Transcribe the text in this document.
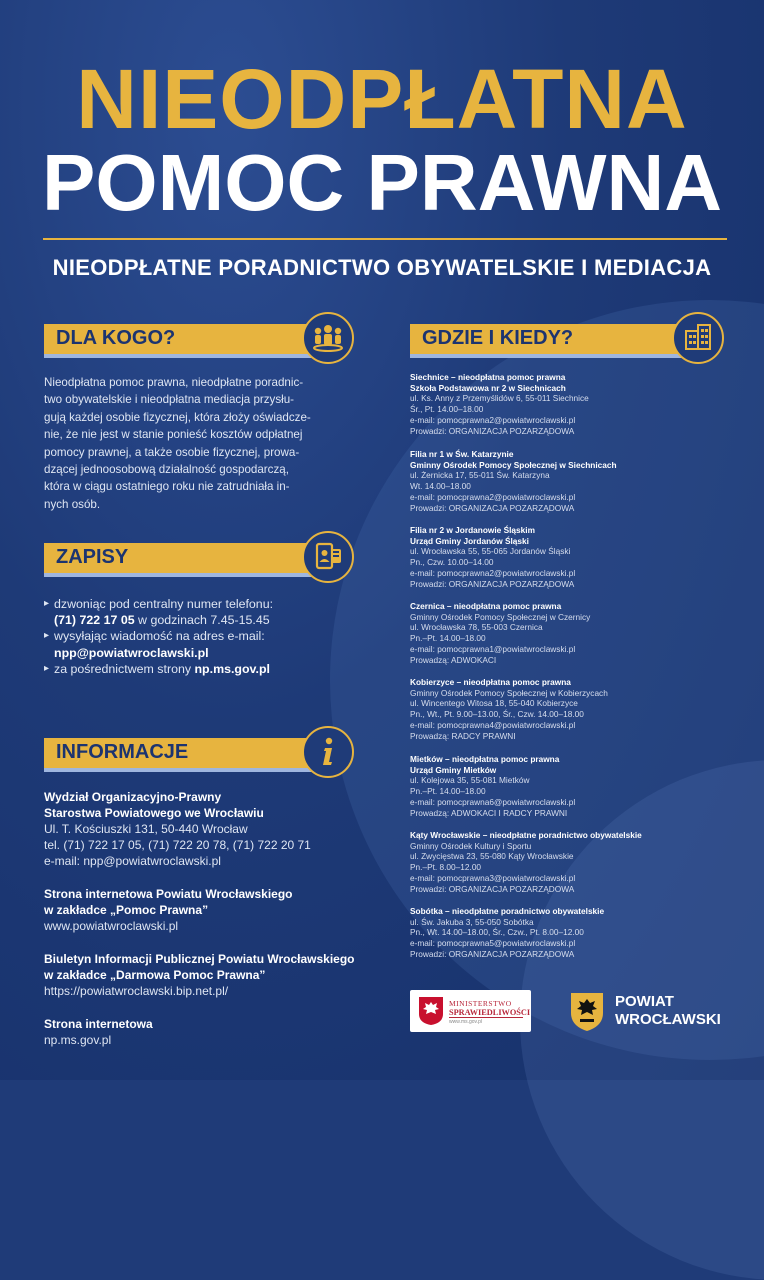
NIEODPŁATNA
POMOC PRAWNA
NIEODPŁATNE PORADNICTWO OBYWATELSKIE I MEDIACJA
DLA KOGO?
Nieodpłatna pomoc prawna, nieodpłatne poradnic-
two obywatelskie i nieodpłatna mediacja przysłu-
gują każdej osobie fizycznej, która złoży oświadcze-
nie, że nie jest w stanie ponieść kosztów odpłatnej
pomocy prawnej, a także osobie fizycznej, prowa-
dzącej jednoosobową działalność gospodarczą,
która w ciągu ostatniego roku nie zatrudniała in-
nych osób.
ZAPISY
▸ dzwoniąc pod centralny numer telefonu:
(71) 722 17 05 w godzinach 7.45-15.45
▸ wysyłając wiadomość na adres e-mail:
npp@powiatwroclawski.pl
▸ za pośrednictwem strony np.ms.gov.pl
INFORMACJE
Wydział Organizacyjno-Prawny
Starostwa Powiatowego we Wrocławiu
Ul. T. Kościuszki 131, 50-440 Wrocław
tel. (71) 722 17 05, (71) 722 20 78, (71) 722 20 71
e-mail: npp@powiatwroclawski.pl
Strona internetowa Powiatu Wrocławskiego
w zakładce „Pomoc Prawna”
www.powiatwroclawski.pl
Biuletyn Informacji Publicznej Powiatu Wrocławskiego
w zakładce „Darmowa Pomoc Prawna”
https://powiatwroclawski.bip.net.pl/
Strona internetowa
np.ms.gov.pl
GDZIE I KIEDY?
Siechnice – nieodpłatna pomoc prawna
Szkoła Podstawowa nr 2 w Siechnicach
ul. Ks. Anny z Przemyślidów 6, 55-011 Siechnice
Śr., Pt. 14.00–18.00
e-mail: pomocprawna2@powiatwroclawski.pl
Prowadzi: ORGANIZACJA POZARZĄDOWA
Filia nr 1 w Św. Katarzynie
Gminny Ośrodek Pomocy Społecznej w Siechnicach
ul. Żernicka 17, 55-011 Św. Katarzyna
Wt. 14.00–18.00
e-mail: pomocprawna2@powiatwroclawski.pl
Prowadzi: ORGANIZACJA POZARZĄDOWA
Filia nr 2 w Jordanowie Śląskim
Urząd Gminy Jordanów Śląski
ul. Wrocławska 55, 55-065 Jordanów Śląski
Pn., Czw. 10.00–14.00
e-mail: pomocprawna2@powiatwroclawski.pl
Prowadzi: ORGANIZACJA POZARZĄDOWA
Czernica – nieodpłatna pomoc prawna
Gminny Ośrodek Pomocy Społecznej w Czernicy
ul. Wrocławska 78, 55-003 Czernica
Pn.–Pt. 14.00–18.00
e-mail: pomocprawna1@powiatwroclawski.pl
Prowadzą: ADWOKACI
Kobierzyce – nieodpłatna pomoc prawna
Gminny Ośrodek Pomocy Społecznej w Kobierzycach
ul. Wincentego Witosa 18, 55-040 Kobierzyce
Pn., Wt., Pt. 9.00–13.00, Śr., Czw. 14.00–18.00
e-mail: pomocprawna4@powiatwroclawski.pl
Prowadzą: RADCY PRAWNI
Mietków – nieodpłatna pomoc prawna
Urząd Gminy Mietków
ul. Kolejowa 35, 55-081 Mietków
Pn.–Pt. 14.00–18.00
e-mail: pomocprawna6@powiatwroclawski.pl
Prowadzą: ADWOKACI I RADCY PRAWNI
Kąty Wrocławskie – nieodpłatne poradnictwo obywatelskie
Gminny Ośrodek Kultury i Sportu
ul. Zwycięstwa 23, 55-080 Kąty Wrocławskie
Pn.–Pt. 8.00–12.00
e-mail: pomocprawna3@powiatwroclawski.pl
Prowadzi: ORGANIZACJA POZARZĄDOWA
Sobótka – nieodpłatne poradnictwo obywatelskie
ul. Św. Jakuba 3, 55-050 Sobótka
Pn., Wt. 14.00–18.00, Śr., Czw., Pt. 8.00–12.00
e-mail: pomocprawna5@powiatwroclawski.pl
Prowadzi: ORGANIZACJA POZARZĄDOWA
MINISTERSTWO
SPRAWIEDLIWOŚCI
www.ms.gov.pl
POWIAT
WROCŁAWSKI
